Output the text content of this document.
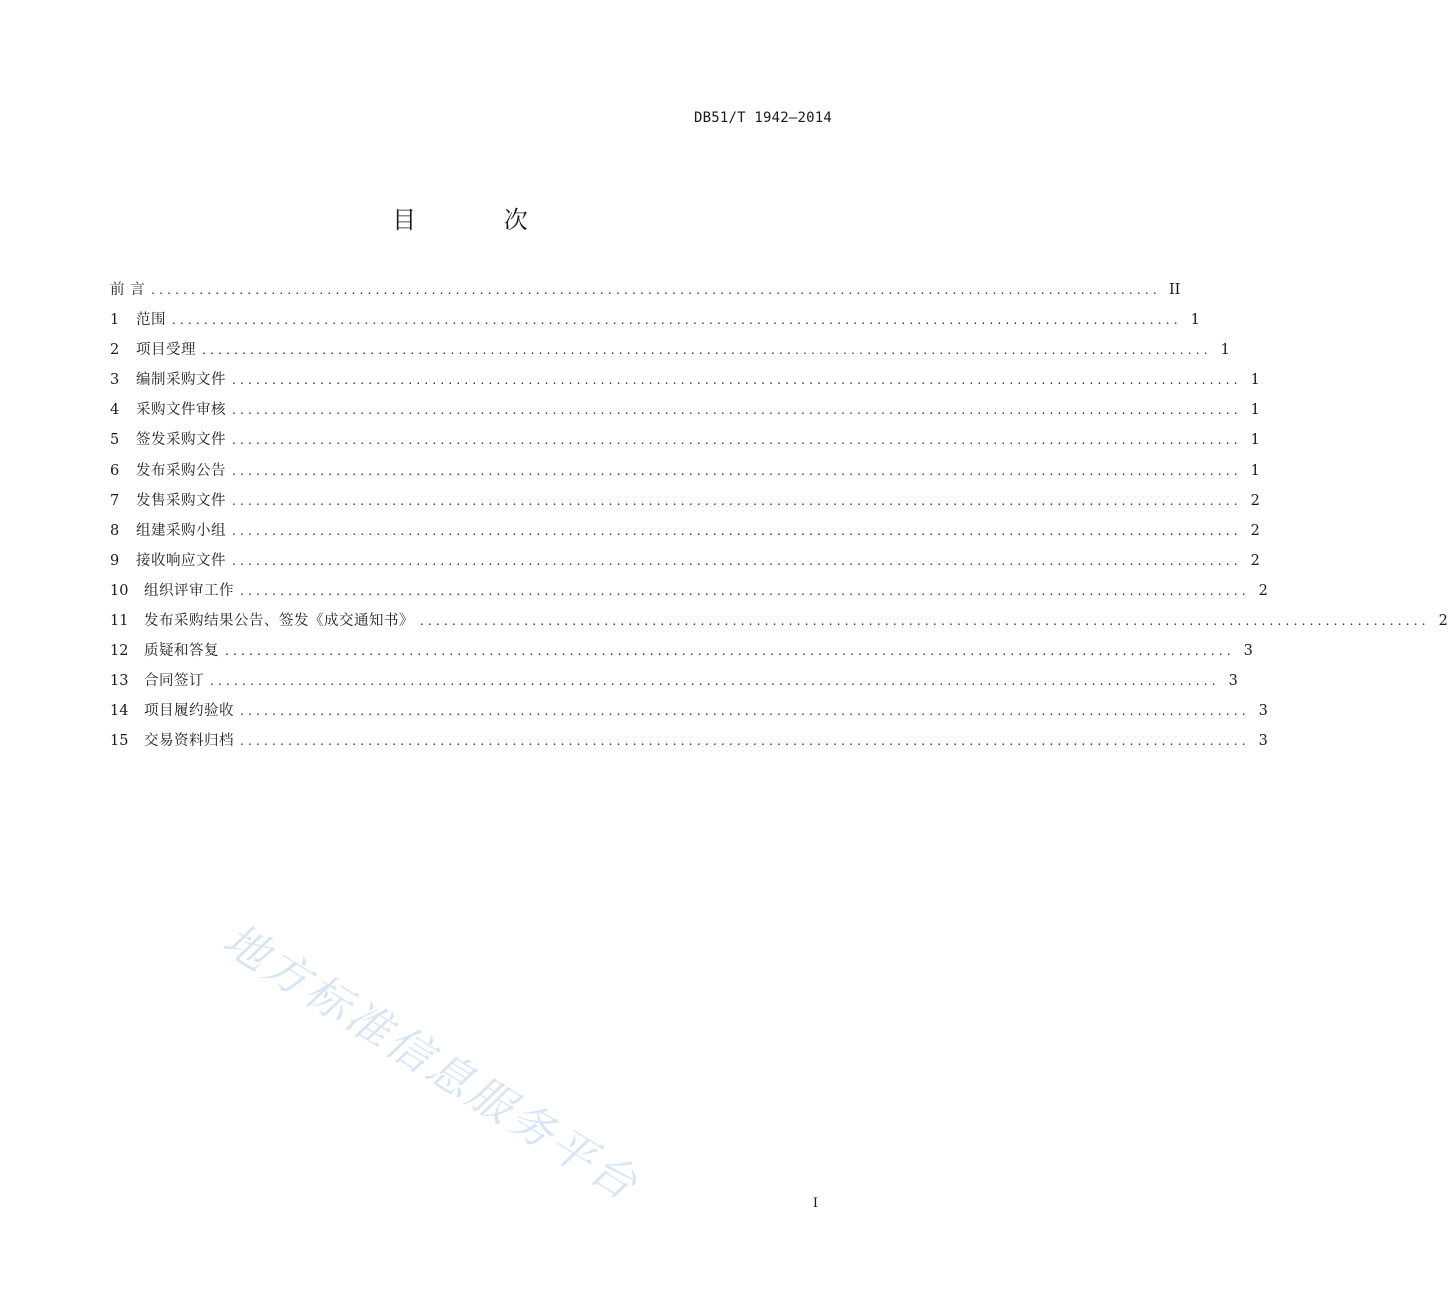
DB51/T 1942—2014
目 次
前 言 .............................................................................................................................. II
1	范围 .............................................................................................................................. 1
2	项目受理 .............................................................................................................................. 1
3	编制采购文件 .............................................................................................................................. 1
4	采购文件审核 .............................................................................................................................. 1
5	签发采购文件 .............................................................................................................................. 1
6	发布采购公告 .............................................................................................................................. 1
7	发售采购文件 .............................................................................................................................. 2
8	组建采购小组 .............................................................................................................................. 2
9	接收响应文件 .............................................................................................................................. 2
10	组织评审工作 .............................................................................................................................. 2
11	发布采购结果公告、签发《成交通知书》 .............................................................................................................................. 2
12	质疑和答复 .............................................................................................................................. 3
13	合同签订 .............................................................................................................................. 3
14	项目履约验收 .............................................................................................................................. 3
15	交易资料归档 .............................................................................................................................. 3
地方标准信息服务平台	I
